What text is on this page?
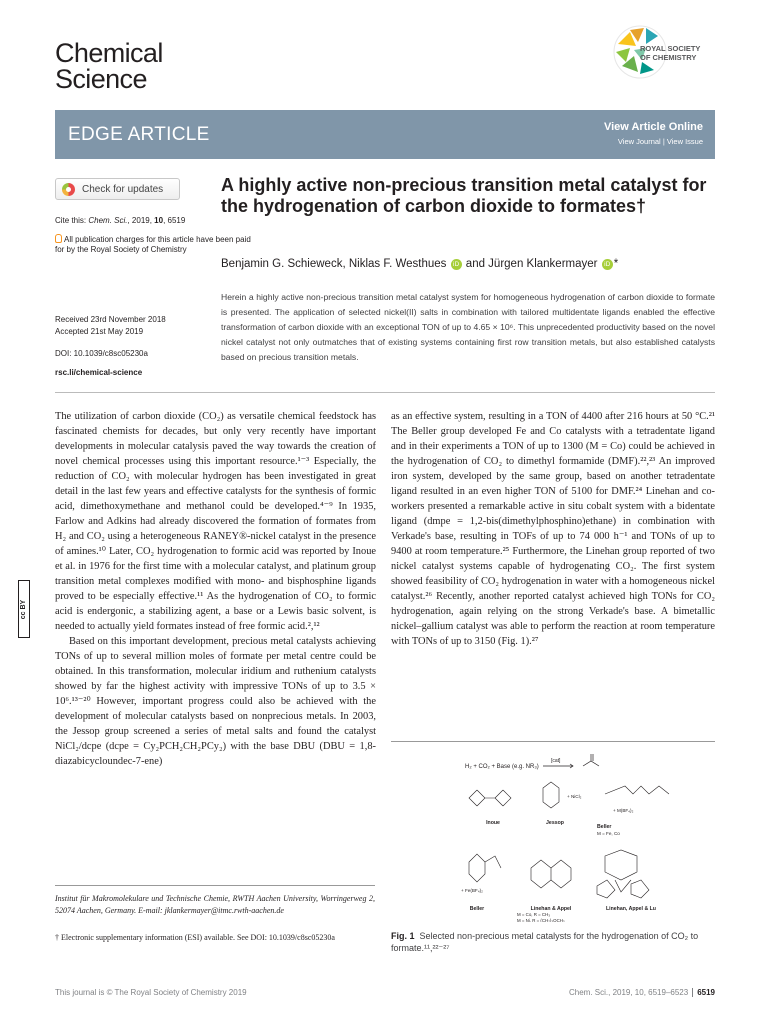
Chemical
Science
ROYAL SOCIETY
OF CHEMISTRY
EDGE ARTICLE	View Article Online
View Journal | View Issue
Check for updates
Cite this: Chem. Sci., 2019, 10, 6519
All publication charges for this article have been paid for by the Royal Society of Chemistry
Received 23rd November 2018
Accepted 21st May 2019
DOI: 10.1039/c8sc05230a
rsc.li/chemical-science
A highly active non-precious transition metal catalyst for the hydrogenation of carbon dioxide to formates†
Benjamin G. Schieweck, Niklas F. Westhues iD and Jürgen Klankermayer iD *
Herein a highly active non-precious transition metal catalyst system for homogeneous hydrogenation of carbon dioxide to formate is presented. The application of selected nickel(II) salts in combination with tailored multidentate ligands enabled the effective transformation of carbon dioxide with an exceptional TON of up to 4.65 × 10⁶. This unprecedented productivity based on the novel nickel catalyst not only outmatches that of existing systems containing first row transition metals, but also established catalysts based on precious transition metals.

The utilization of carbon dioxide (CO₂) as versatile chemical feedstock has fascinated chemists for decades, but only very recently have important developments in molecular catalysis paved the way towards the creation of novel chemical processes using this important resource.¹⁻³ Especially, the reduction of CO₂ with molecular hydrogen has been investigated in great detail in the last few years and effective catalysts for the synthesis of formic acid, dimethoxymethane and methanol could be developed.⁴⁻⁹ In 1935, Farlow and Adkins had already discovered the formation of formates from H₂ and CO₂ using a heterogeneous RANEY®-nickel catalyst in the presence of amines.¹⁰ Later, CO₂ hydrogenation to formic acid was reported by Inoue et al. in 1976 for the first time with a molecular catalyst, and platinum group transition metal complexes modified with mono- and bisphosphine ligands proved to be especially effective.¹¹ As the hydrogenation of CO₂ to formic acid is endergonic, a stabilizing agent, a base or a Lewis basic solvent, is needed to actually yield formates instead of free formic acid.²,¹²

Based on this important development, precious metal catalysts achieving TONs of up to several million moles of formate per metal centre could be obtained. In this transformation, molecular iridium and ruthenium catalysts showed by far the highest activity with impressive TONs of up to 3.5 × 10⁶.¹³⁻²⁰ However, important progress could also be achieved with the development of molecular catalysts based on nonprecious metals. In 2003, the Jessop group screened a series of metal salts and found the catalyst NiCl₂/dcpe (dcpe = Cy₂PCH₂CH₂PCy₂) with the base DBU (DBU = 1,8-diazabicycloundec-7-ene)

as an effective system, resulting in a TON of 4400 after 216 hours at 50 °C.²¹ The Beller group developed Fe and Co catalysts with a tetradentate ligand and in their experiments a TON of up to 1300 (M = Co) could be achieved in the hydrogenation of CO₂ to dimethyl formamide (DMF).²²,²³ An improved iron system, developed by the same group, based on another tetradentate ligand resulted in an even higher TON of 5100 for DMF.²⁴ Linehan and co-workers presented a remarkable active in situ cobalt system with a bidentate ligand (dmpe = 1,2-bis(dimethylphosphino)ethane) in combination with Verkade's base, resulting in TOFs of up to 74 000 h⁻¹ and TONs of up to 9400 at room temperature.²⁵ Furthermore, the Linehan group reported of two nickel catalyst systems capable of hydrogenating CO₂. The first system showed feasibility of CO₂ hydrogenation in water with a homogeneous nickel catalyst.²⁶ Recently, another reported catalyst achieved high TONs for CO₂ hydrogenation, again relying on the strong Verkade's base. A bimetallic nickel–gallium catalyst was able to perform the reaction at room temperature with TONs of up to 3150 (Fig. 1).²⁷

cc BY
Institut für Makromolekulare und Technische Chemie, RWTH Aachen University, Worringerweg 2, 52074 Aachen, Germany. E-mail: jklankermayer@itmc.rwth-aachen.de
† Electronic supplementary information (ESI) available. See DOI: 10.1039/c8sc05230a
H₂ + CO₂ + Base (e.g. NR₃)
[cat]
Inoue
+ NiCl₂
Jessop
+ M(BF₄)₂
Beller
M = Fe, Co
+ Fe(BF₄)₂
Beller	Linehan & Appel
M = Co, R = CH₃
M = Ni, R = (CH₂)₃OCH₃
Linehan, Appel & Lu
Fig. 1 Selected non-precious metal catalysts for the hydrogenation of CO₂ to formate.¹¹,²²⁻²⁷
This journal is © The Royal Society of Chemistry 2019	Chem. Sci., 2019, 10, 6519–6523 6519
